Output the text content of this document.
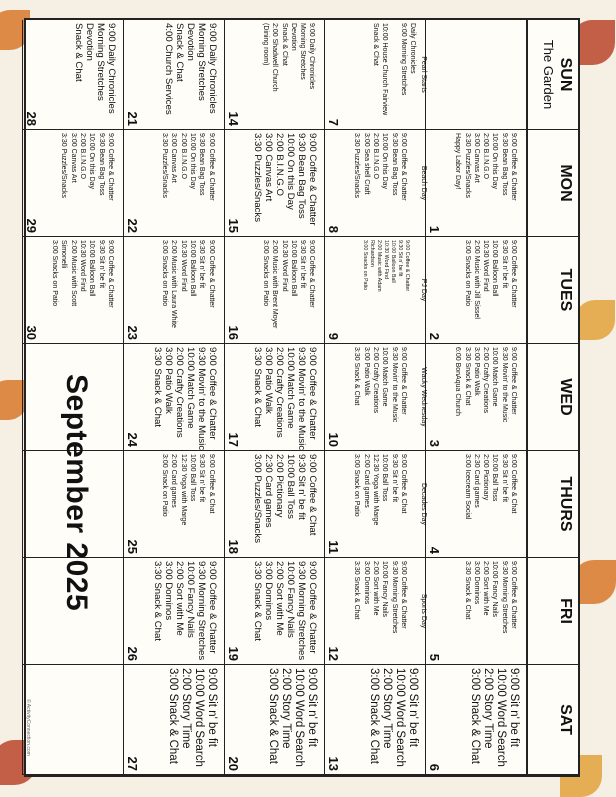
SUN
The Garden
MON
TUES
WED
THURS
FRI
SAT
9:00 Coffee & Chatter
9:30 Bean Bag Toss
10:00 On this Day
2:00 B.I.N.G.O
3:00 Canvas Art
3:30 Puzzles/Snacks
Happy Labor Day!
1
9:00 Coffee & Chatter
9:30 Sit n' be fit
10:00 Balloon Ball
10:30 Word Find
2:00 Music with Jill Sissel
3:00 Snacks on Patio
2
9:00 Coffee & Chatter
9:30 Movin' to the Music
10:00 Match Game
2:00 Crafty Creations
3:00 Patio Walk
3:30 Snack & Chat
6:00 BonAqua Church
3
9:00 Coffee & Chat
9:30 Sit n' be fit
10:00 Ball Toss
2:00 Pictionary
2:30 Card games
3:00 Icecream Social
4
9:00 Coffee & Chatter
9:30 Morning Stretches
10:00 Fancy Nails
2:00 Sort with Me
3:00 Dominos
3:30 Snack & Chat
5
9:00 Sit n' be fit
10:00 Word Search
2:00 Story Time
3:00 Snack & Chat
6
Pearl Starts
Daily Chronicles
9:00 Morning Stretches

10:00 House Church Fairview
Snack & Chat
7
Beach Day

9:00 Coffee & Chatter
9:30 Bean Bag Toss
10:00 On this Day
2:00 B.I.N.G.O
3:00 Sea shell Craft
3:30 Puzzles/Snacks
8
PJ Day

9:00 Coffee & Chatter
9:30 Sit n' be fit
10:00 Balloon Ball
10:30 Word Find
2:00 Music with Adam
Richardson
3:00 Snacks on Patio
9
Wacky Wednesday

9:00 Coffee & Chatter
9:30 Movin' to the Music
10:00 Match Game
2:00 Crafty Creations
3:00 Patio Walk
3:30 Snack & Chat
10
Decades Day

9:00 Coffee & Chat
9:30 Sit n' be fit
10:00 Ball Toss
12:30 Yoga with Marge
2:00 Card games
3:00 Snack on Patio
11
Sports Day

9:00 Coffee & Chatter
9:30 Morning Stretches
10:00 Fancy Nails
2:00 Sort with Me
3:00 Dominos
3:30 Snack & Chat
12
9:00 Sit n' be fit
10:00 Word Search
2:00 Story Time
3:00 Snack & Chat
13
9:00 Daily Chronicles
Morning Stretches
Devotion
Snack & Chat
2:00 Shadwell Church
(Dining room)
14
9:00 Coffee & Chatter
9:30 Bean Bag Toss
10:00 On this Day
2:00 B.I.N.G.O
3:00 Canvas Art
3:30 Puzzles/Snacks
15
9:00 Coffee & Chatter
9:30 Sit n' be fit
10:00 Balloon Ball
10:30 Word Find
2:00 Music with Brent Moyer
3:00 Snacks on Patio
16
9:00 Coffee & Chatter
9:30 Movin' to the Music
10:00 Match Game
2:00 Crafty Creations
3:00 Patio Walk
3:30 Snack & Chat
17
9:00 Coffee & Chat
9:30 Sit n' be fit
10:00 Ball Toss
2:00 Pictionary
2:30 Card games
3:00 Puzzles/Snacks
18
9:00 Coffee & Chatter
9:30 Morning Stretches
10:00 Fancy Nails
2:00 Sort with Me
3:00 Dominos
3:30 Snack & Chat
19
9:00 Sit n' be fit
10:00 Word Search
2:00 Story Time
3:00 Snack & Chat
20
9:00 Daily Chronicles
Morning Stretches
Devotion
Snack & Chat
4:00 Church Services
21
9:00 Coffee & Chatter
9:30 Bean Bag Toss
10:00 On this Day
2:00 B.I.N.G.O
3:00 Canvas Art
3:30 Puzzles/Snacks
22
9:00 Coffee & Chatter
9:30 Sit n' be fit
10:00 Balloon Ball
10:30 Word Find
2:00 Music with Laura White
3:00 Snacks on Patio
23
9:00 Coffee & Chatter
9:30 Movin' to the Music
10:00 Match Game
2:00 Crafty Creations
3:00 Patio Walk
3:30 Snack & Chat
24
9:00 Coffee & Chat
9:30 Sit n' be fit
10:00 Ball Toss
12:30 Yoga with Marge
2:00 Card games
3:00 Snack on Patio
25
9:00 Coffee & Chatter
9:30 Morning Stretches
10:00 Fancy Nails
2:00 Sort with Me
3:00 Dominos
3:30 Snack & Chat
26
9:00 Sit n' be fit
10:00 Word Search
2:00 Story Time
3:00 Snack & Chat
27
9:00 Daily Chronicles
Morning Stretches
Devotion
Snack & Chat
28
9:00 Coffee & Chatter
9:30 Bean Bag Toss
10:00 On this Day
2:00 B.I.N.G.O
3:00 Canvas Art
3:30 Puzzles/Snacks
29
9:00 Coffee & Chatter
9:30 Sit n' be fit
10:00 Balloon Ball
10:30 Word Find
2:00 Music with Scott
Simonelli
3:00 Snacks on Patio
30
September 2025
© ActivityConnection.com
